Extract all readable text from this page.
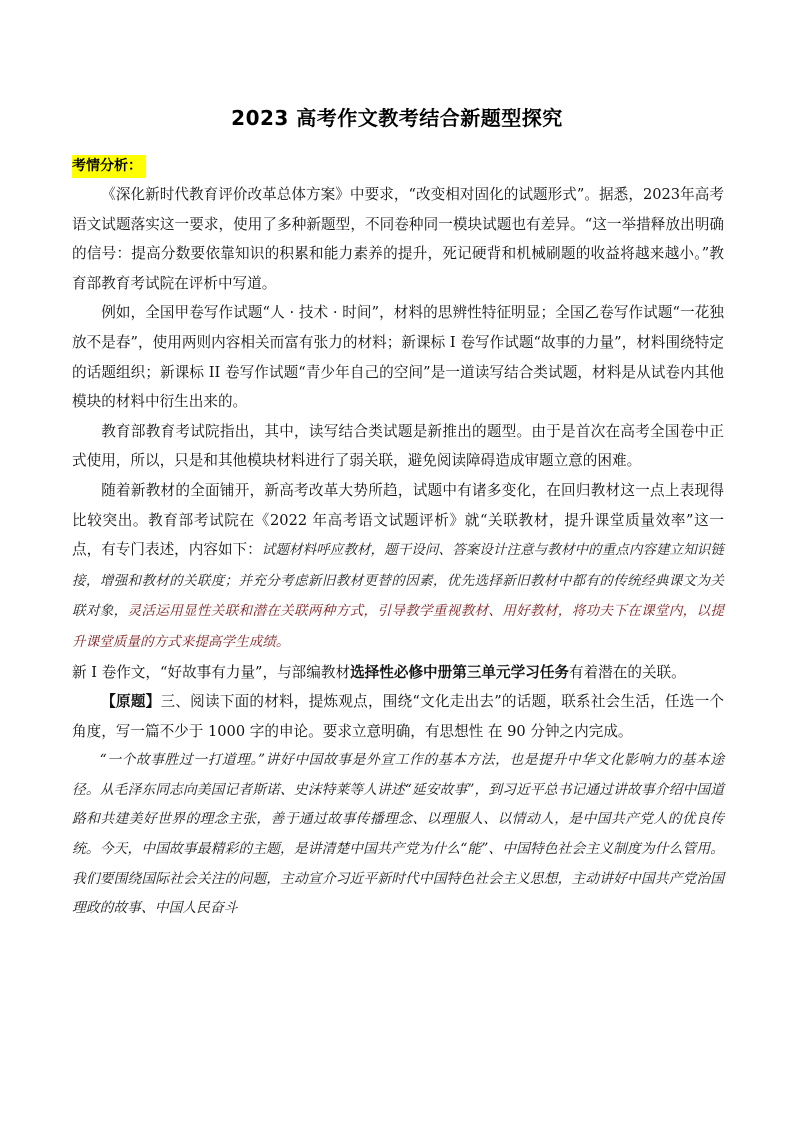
2023 高考作文教考结合新题型探究
考情分析：

《深化新时代教育评价改革总体方案》中要求，“改变相对固化的试题形式”。据悉，2023年高考语文试题落实这一要求，使用了多种新题型，不同卷种同一模块试题也有差异。“这一举措释放出明确的信号：提高分数要依靠知识的积累和能力素养的提升，死记硬背和机械刷题的收益将越来越小。”教育部教育考试院在评析中写道。

例如，全国甲卷写作试题“人 · 技术 · 时间”，材料的思辨性特征明显；全国乙卷写作试题“一花独放不是春”，使用两则内容相关而富有张力的材料；新课标 I 卷写作试题“故事的力量”，材料围绕特定的话题组织；新课标 II 卷写作试题“青少年自己的空间”是一道读写结合类试题，材料是从试卷内其他模块的材料中衍生出来的。

教育部教育考试院指出，其中，读写结合类试题是新推出的题型。由于是首次在高考全国卷中正式使用，所以，只是和其他模块材料进行了弱关联，避免阅读障碍造成审题立意的困难。

随着新教材的全面铺开，新高考改革大势所趋，试题中有诸多变化，在回归教材这一点上表现得比较突出。教育部考试院在《2022 年高考语文试题评析》就“关联教材，提升课堂质量效率”这一点，有专门表述，内容如下：试题材料呼应教材，题干设问、答案设计注意与教材中的重点内容建立知识链接，增强和教材的关联度；并充分考虑新旧教材更替的因素，优先选择新旧教材中都有的传统经典课文为关联对象，灵活运用显性关联和潜在关联两种方式，引导教学重视教材、用好教材，将功夫下在课堂内，以提升课堂质量的方式来提高学生成绩。

新 I 卷作文，“好故事有力量”，与部编教材选择性必修中册第三单元学习任务有着潜在的关联。

【原题】三、阅读下面的材料，提炼观点，围绕“文化走出去”的话题，联系社会生活，任选一个角度，写一篇不少于 1000 字的申论。要求立意明确，有思想性 在 90 分钟之内完成。

“一个故事胜过一打道理。”讲好中国故事是外宣工作的基本方法，也是提升中华文化影响力的基本途径。从毛泽东同志向美国记者斯诺、史沫特莱等人讲述“延安故事”，到习近平总书记通过讲故事介绍中国道路和共建美好世界的理念主张，善于通过故事传播理念、以理服人、以情动人，是中国共产党人的优良传统。今天，中国故事最精彩的主题，是讲清楚中国共产党为什么“能”、中国特色社会主义制度为什么管用。我们要围绕国际社会关注的问题，主动宣介习近平新时代中国特色社会主义思想，主动讲好中国共产党治国理政的故事、中国人民奋斗
